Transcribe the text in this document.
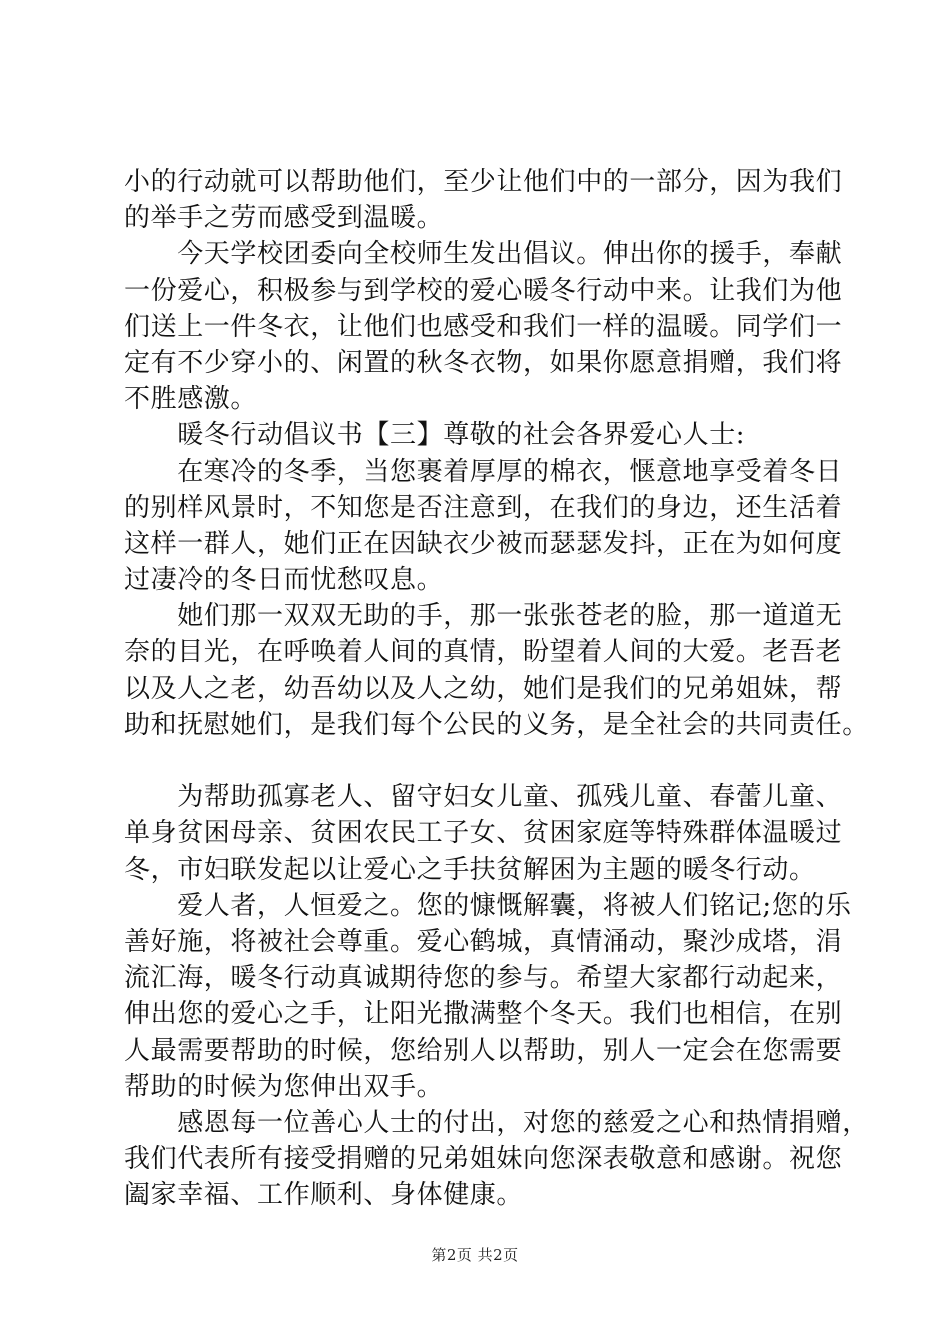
小的行动就可以帮助他们，至少让他们中的一部分，因为我们
的举手之劳而感受到温暖。
　　今天学校团委向全校师生发出倡议。伸出你的援手，奉献
一份爱心，积极参与到学校的爱心暖冬行动中来。让我们为他
们送上一件冬衣，让他们也感受和我们一样的温暖。同学们一
定有不少穿小的、闲置的秋冬衣物，如果你愿意捐赠，我们将
不胜感激。
　　暖冬行动倡议书【三】尊敬的社会各界爱心人士:
　　在寒冷的冬季，当您裹着厚厚的棉衣，惬意地享受着冬日
的别样风景时，不知您是否注意到，在我们的身边，还生活着
这样一群人，她们正在因缺衣少被而瑟瑟发抖，正在为如何度
过凄冷的冬日而忧愁叹息。
　　她们那一双双无助的手，那一张张苍老的脸，那一道道无
奈的目光，在呼唤着人间的真情，盼望着人间的大爱。老吾老
以及人之老，幼吾幼以及人之幼，她们是我们的兄弟姐妹，帮
助和抚慰她们，是我们每个公民的义务，是全社会的共同责任。
　　为帮助孤寡老人、留守妇女儿童、孤残儿童、春蕾儿童、
单身贫困母亲、贫困农民工子女、贫困家庭等特殊群体温暖过
冬，市妇联发起以让爱心之手扶贫解困为主题的暖冬行动。
　　爱人者，人恒爱之。您的慷慨解囊，将被人们铭记;您的乐
善好施，将被社会尊重。爱心鹤城，真情涌动，聚沙成塔，涓
流汇海，暖冬行动真诚期待您的参与。希望大家都行动起来，
伸出您的爱心之手，让阳光撒满整个冬天。我们也相信，在别
人最需要帮助的时候，您给别人以帮助，别人一定会在您需要
帮助的时候为您伸出双手。
　　感恩每一位善心人士的付出，对您的慈爱之心和热情捐赠，
我们代表所有接受捐赠的兄弟姐妹向您深表敬意和感谢。祝您
阖家幸福、工作顺利、身体健康。
第2页 共2页
